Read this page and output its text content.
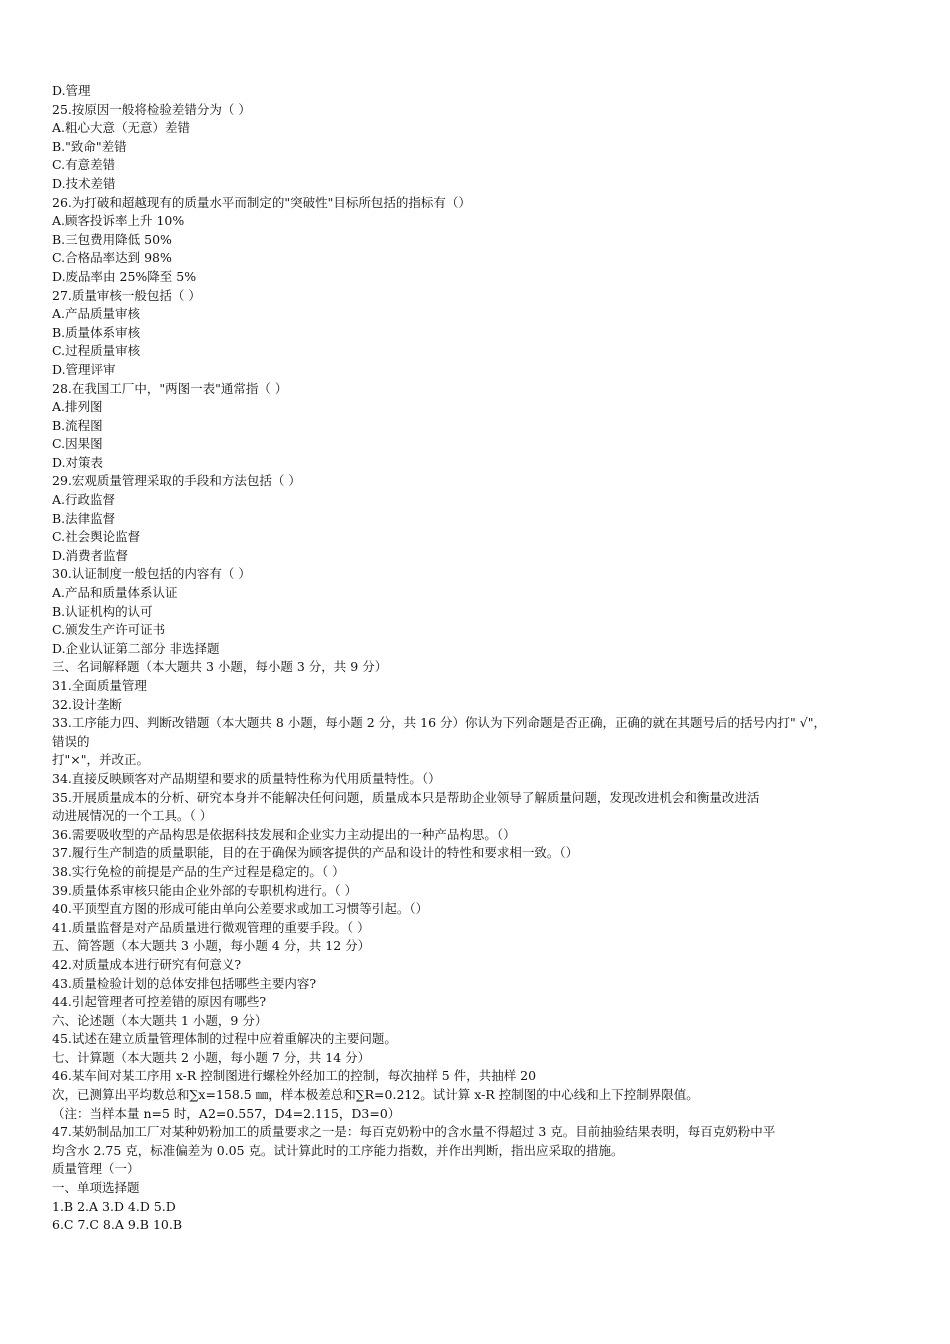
D.管理
25.按原因一般将检验差错分为（ ）
A.粗心大意（无意）差错
B."致命"差错
C.有意差错
D.技术差错
26.为打破和超越现有的质量水平而制定的"突破性"目标所包括的指标有（）
A.顾客投诉率上升 10%
B.三包费用降低 50%
C.合格品率达到 98%
D.废品率由 25%降至 5%
27.质量审核一般包括（ ）
A.产品质量审核
B.质量体系审核
C.过程质量审核
D.管理评审
28.在我国工厂中，"两图一表"通常指（ ）
A.排列图
B.流程图
C.因果图
D.对策表
29.宏观质量管理采取的手段和方法包括（ ）
A.行政监督
B.法律监督
C.社会舆论监督
D.消费者监督
30.认证制度一般包括的内容有（ ）
A.产品和质量体系认证
B.认证机构的认可
C.颁发生产许可证书
D.企业认证第二部分 非选择题
三、名词解释题（本大题共 3 小题，每小题 3 分，共 9 分）
31.全面质量管理
32.设计垄断
33.工序能力四、判断改错题（本大题共 8 小题，每小题 2 分，共 16 分）你认为下列命题是否正确，正确的就在其题号后的括号内打" √"，
错误的
打"×"，并改正。
34.直接反映顾客对产品期望和要求的质量特性称为代用质量特性。（）
35.开展质量成本的分析、研究本身并不能解决任何问题，质量成本只是帮助企业领导了解质量问题，发现改进机会和衡量改进活
动进展情况的一个工具。（ ）
36.需要吸收型的产品构思是依据科技发展和企业实力主动提出的一种产品构思。（）
37.履行生产制造的质量职能，目的在于确保为顾客提供的产品和设计的特性和要求相一致。（）
38.实行免检的前提是产品的生产过程是稳定的。（ ）
39.质量体系审核只能由企业外部的专职机构进行。（ ）
40.平顶型直方图的形成可能由单向公差要求或加工习惯等引起。（）
41.质量监督是对产品质量进行微观管理的重要手段。（ ）
五、简答题（本大题共 3 小题，每小题 4 分，共 12 分）
42.对质量成本进行研究有何意义?
43.质量检验计划的总体安排包括哪些主要内容?
44.引起管理者可控差错的原因有哪些?
六、论述题（本大题共 1 小题，9 分）
45.试述在建立质量管理体制的过程中应着重解决的主要问题。
七、计算题（本大题共 2 小题，每小题 7 分，共 14 分）
46.某车间对某工序用 x-R 控制图进行螺栓外经加工的控制，每次抽样 5 件，共抽样 20
次，已测算出平均数总和∑x=158.5 ㎜，样本极差总和∑R=0.212。试计算 x-R 控制图的中心线和上下控制界限值。
（注：当样本量 n=5 时，A2=0.557，D4=2.115，D3=0）
47.某奶制品加工厂对某种奶粉加工的质量要求之一是：每百克奶粉中的含水量不得超过 3 克。目前抽验结果表明，每百克奶粉中平
均含水 2.75 克，标准偏差为 0.05 克。试计算此时的工序能力指数，并作出判断，指出应采取的措施。
质量管理（一）
一、单项选择题
1.B 2.A 3.D 4.D 5.D
6.C 7.C 8.A 9.B 10.B
